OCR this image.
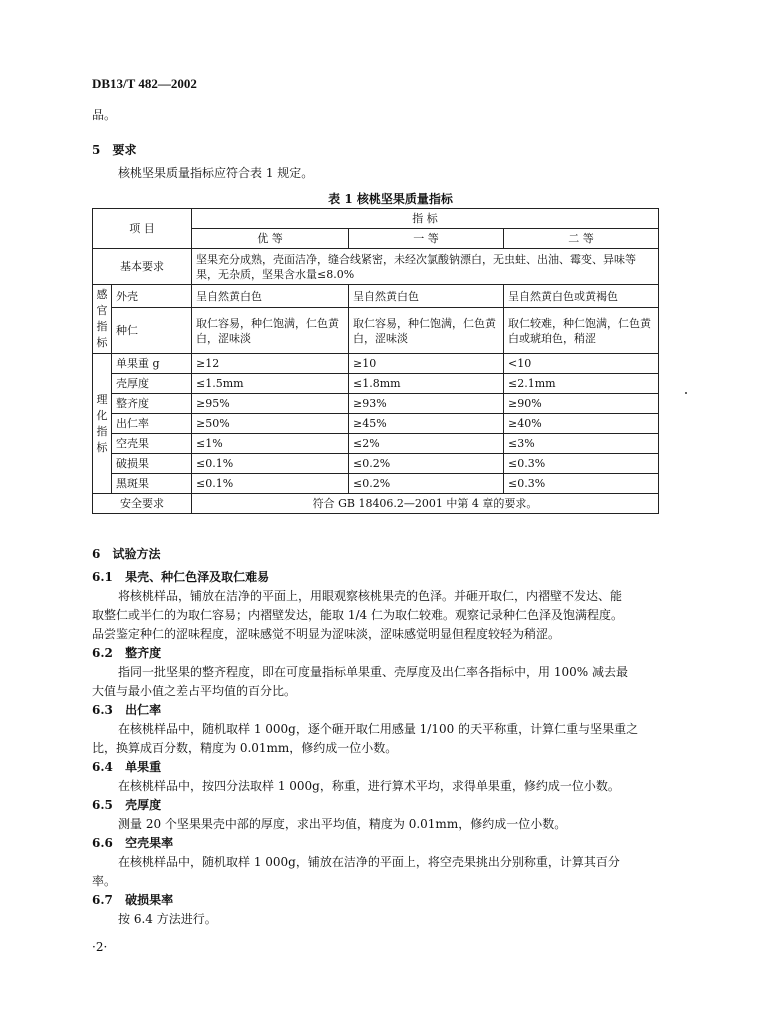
DB13/T 482—2002
品。
5 要求
核桃坚果质量指标应符合表 1 规定。
表 1 核桃坚果质量指标
项 目		指 标		
		优 等	一 等	二 等
基本要求		坚果充分成熟，壳面洁净，缝合线紧密，未经次氯酸钠漂白，无虫蛀、出油、霉变、异味等果，无杂质，坚果含水量≤8.0%		
感官指标	外壳	呈自然黄白色	呈自然黄白色	呈自然黄白色或黄褐色
	种仁	取仁容易，种仁饱满，仁色黄白，涩味淡	取仁容易，种仁饱满，仁色黄白，涩味淡	取仁较难，种仁饱满，仁色黄白或琥珀色，稍涩
理化指标	单果重 g	≥12	≥10	<10
	壳厚度	≤1.5mm	≤1.8mm	≤2.1mm
	整齐度	≥95%	≥93%	≥90%
	出仁率	≥50%	≥45%	≥40%
	空壳果	≤1%	≤2%	≤3%
	破损果	≤0.1%	≤0.2%	≤0.3%
	黑斑果	≤0.1%	≤0.2%	≤0.3%
安全要求		符合 GB 18406.2—2001 中第 4 章的要求。		
6 试验方法
6.1 果壳、种仁色泽及取仁难易
将核桃样品，铺放在洁净的平面上，用眼观察核桃果壳的色泽。并砸开取仁，内褶壁不发达、能
取整仁或半仁的为取仁容易；内褶壁发达，能取 1/4 仁为取仁较难。观察记录种仁色泽及饱满程度。
品尝鉴定种仁的涩味程度，涩味感觉不明显为涩味淡，涩味感觉明显但程度较轻为稍涩。
6.2 整齐度
指同一批坚果的整齐程度，即在可度量指标单果重、壳厚度及出仁率各指标中，用 100% 减去最
大值与最小值之差占平均值的百分比。
6.3 出仁率
在核桃样品中，随机取样 1 000g，逐个砸开取仁用感量 1/100 的天平称重，计算仁重与坚果重之
比，换算成百分数，精度为 0.01mm，修约成一位小数。
6.4 单果重
在核桃样品中，按四分法取样 1 000g，称重，进行算术平均，求得单果重，修约成一位小数。
6.5 壳厚度
测量 20 个坚果果壳中部的厚度，求出平均值，精度为 0.01mm，修约成一位小数。
6.6 空壳果率
在核桃样品中，随机取样 1 000g，铺放在洁净的平面上，将空壳果挑出分别称重，计算其百分
率。
6.7 破损果率
按 6.4 方法进行。
·2·
